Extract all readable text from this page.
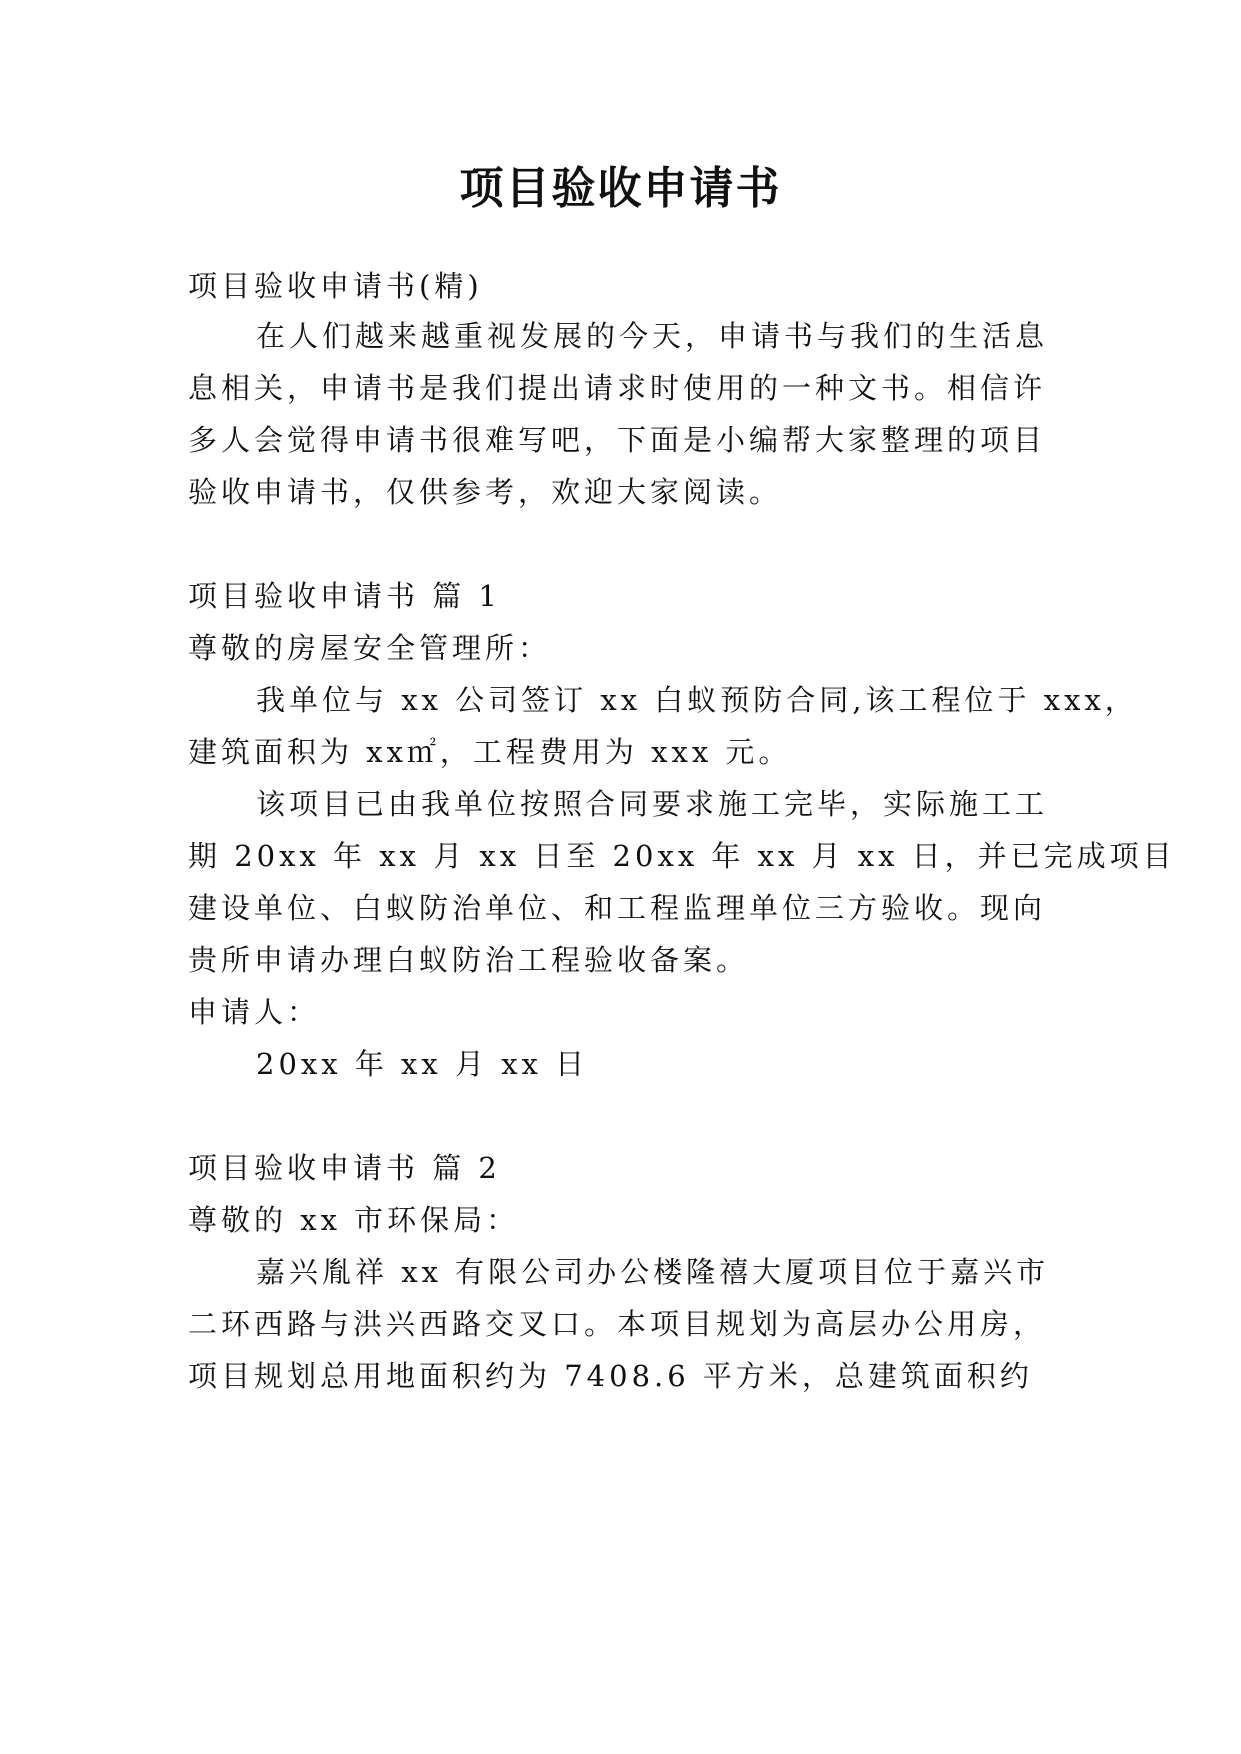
项目验收申请书
项目验收申请书(精)
在人们越来越重视发展的今天，申请书与我们的生活息
息相关，申请书是我们提出请求时使用的一种文书。相信许
多人会觉得申请书很难写吧，下面是小编帮大家整理的项目
验收申请书，仅供参考，欢迎大家阅读。
项目验收申请书 篇 1
尊敬的房屋安全管理所：
我单位与 xx 公司签订 xx 白蚁预防合同,该工程位于 xxx，
建筑面积为 xx㎡，工程费用为 xxx 元。
该项目已由我单位按照合同要求施工完毕，实际施工工
期 20xx 年 xx 月 xx 日至 20xx 年 xx 月 xx 日，并已完成项目
建设单位、白蚁防治单位、和工程监理单位三方验收。现向
贵所申请办理白蚁防治工程验收备案。
申请人：
20xx 年 xx 月 xx 日
项目验收申请书 篇 2
尊敬的 xx 市环保局：
嘉兴胤祥 xx 有限公司办公楼隆禧大厦项目位于嘉兴市
二环西路与洪兴西路交叉口。本项目规划为高层办公用房，
项目规划总用地面积约为 7408.6 平方米，总建筑面积约
